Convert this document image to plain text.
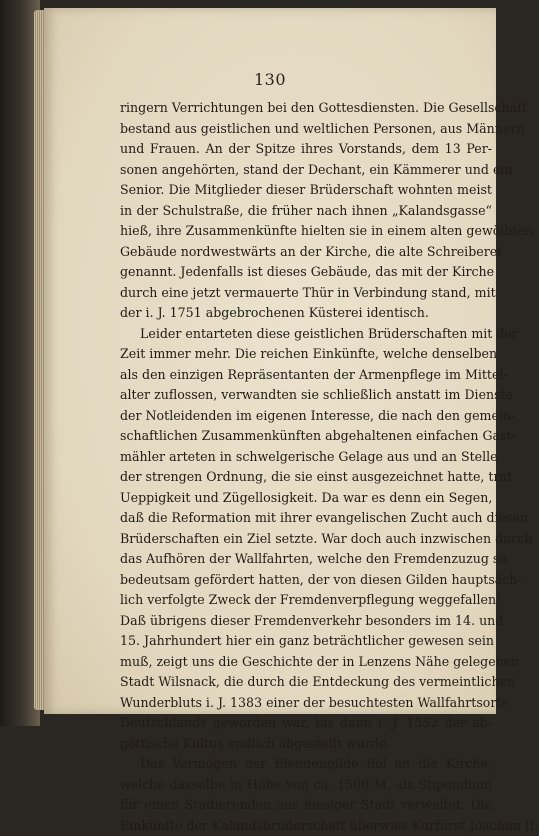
130
ringern Verrichtungen bei den Gottesdiensten. Die Gesellschaft
bestand aus geistlichen und weltlichen Personen, aus Männern
und Frauen. An der Spitze ihres Vorstands, dem 13 Per-
sonen angehörten, stand der Dechant, ein Kämmerer und ein
Senior. Die Mitglieder dieser Brüderschaft wohnten meist
in der Schulstraße, die früher nach ihnen „Kalandsgasse“
hieß, ihre Zusammenkünfte hielten sie in einem alten gewölbten
Gebäude nordwestwärts an der Kirche, die alte Schreiberei
genannt. Jedenfalls ist dieses Gebäude, das mit der Kirche
durch eine jetzt vermauerte Thür in Verbindung stand, mit
der i. J. 1751 abgebrochenen Küsterei identisch.
Leider entarteten diese geistlichen Brüderschaften mit der
Zeit immer mehr. Die reichen Einkünfte, welche denselben
als den einzigen Repräsentanten der Armenpflege im Mittel-
alter zuflossen, verwandten sie schließlich anstatt im Dienste
der Notleidenden im eigenen Interesse, die nach den gemein-
schaftlichen Zusammenkünften abgehaltenen einfachen Gast-
mähler arteten in schwelgerische Gelage aus und an Stelle
der strengen Ordnung, die sie einst ausgezeichnet hatte, trat
Ueppigkeit und Zügellosigkeit. Da war es denn ein Segen,
daß die Reformation mit ihrer evangelischen Zucht auch diesen
Brüderschaften ein Ziel setzte. War doch auch inzwischen durch
das Aufhören der Wallfahrten, welche den Fremdenzuzug so
bedeutsam gefördert hatten, der von diesen Gilden hauptsäch-
lich verfolgte Zweck der Fremdenverpflegung weggefallen!
Daß übrigens dieser Fremdenverkehr besonders im 14. und
15. Jahrhundert hier ein ganz beträchtlicher gewesen sein
muß, zeigt uns die Geschichte der in Lenzens Nähe gelegenen
Stadt Wilsnack, die durch die Entdeckung des vermeintlichen
Wunderbluts i. J. 1383 einer der besuchtesten Wallfahrtsorte
Deutschlands geworden war, bis dann i. J. 1552 der ab-
göttische Kultus endlich abgestellt wurde.
Das Vermögen der Elendengilde fiel an die Kirche,
welche dasselbe in Höhe von ca. 1500 M. als Stipendium
für einen Studierenden aus hiesiger Stadt verwaltet. Die
Einkünfte der Kalandsbrüderschaft überwies Kurfürst Joachim II.
